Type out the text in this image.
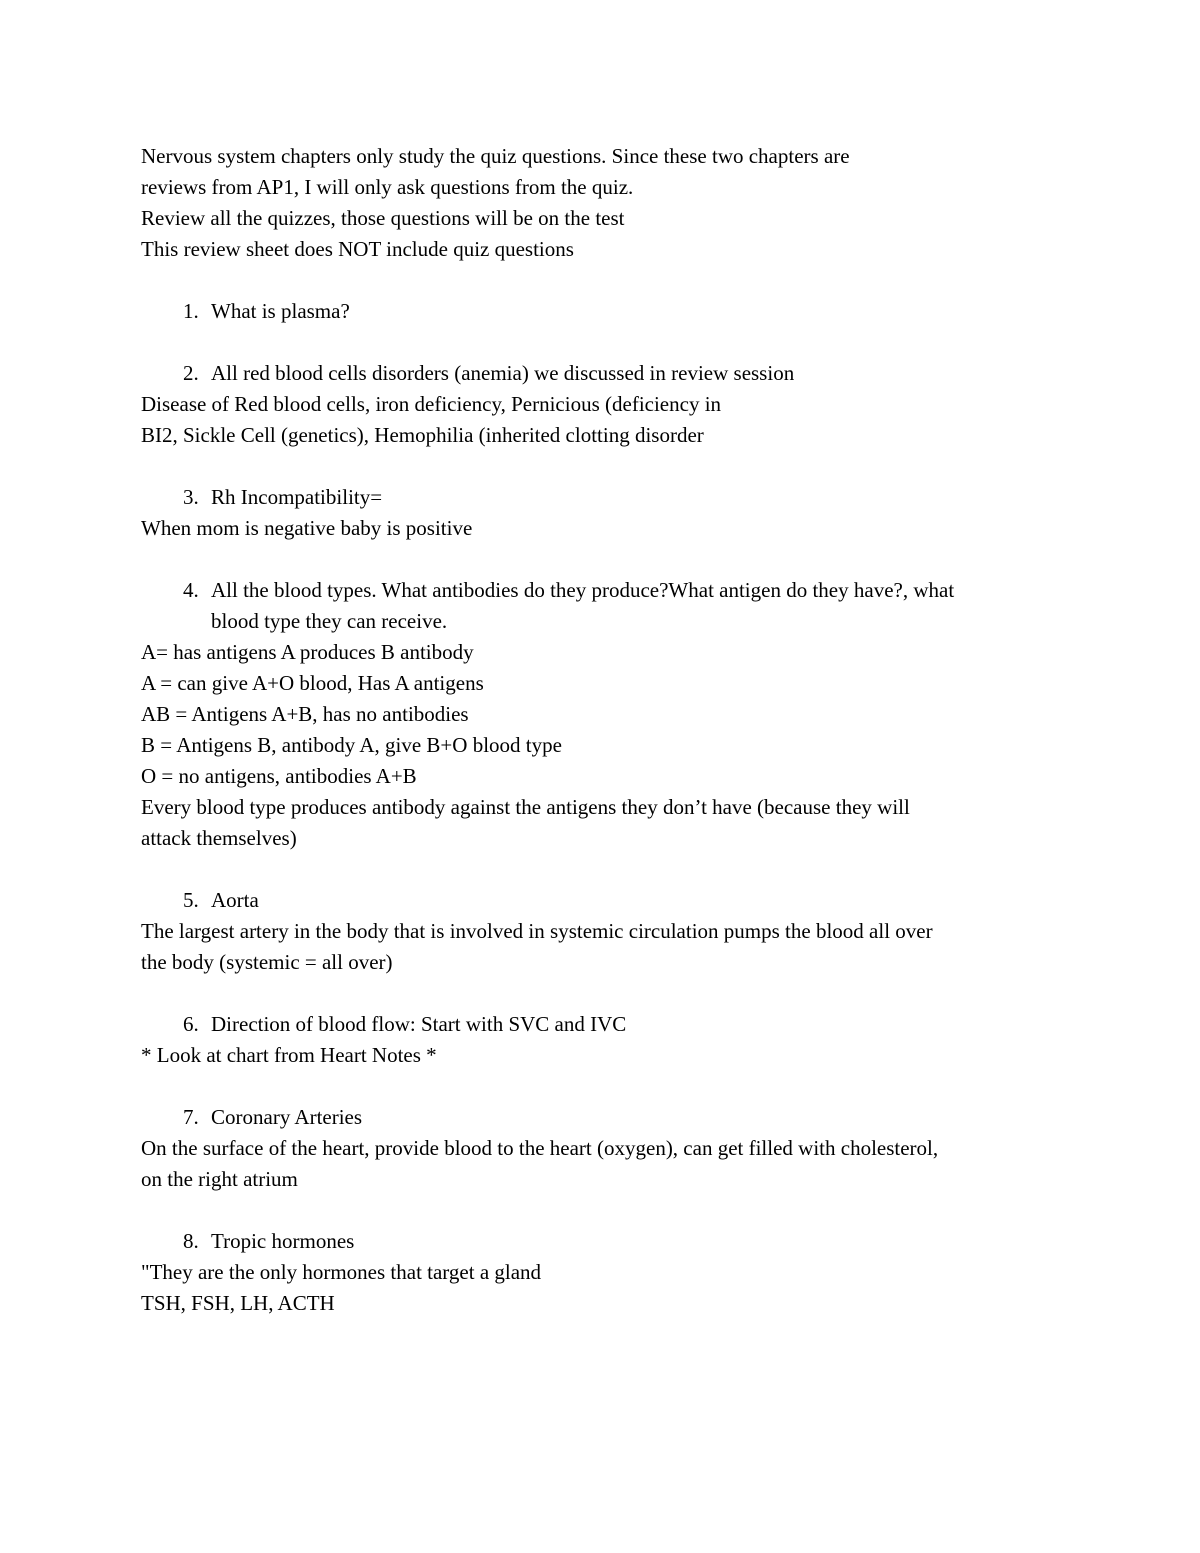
Nervous system chapters only study the quiz questions. Since these two chapters are
reviews from AP1, I will only ask questions from the quiz.
Review all the quizzes, those questions will be on the test
This review sheet does NOT include quiz questions
1. What is plasma?
2. All red blood cells disorders (anemia) we discussed in review session
Disease of Red blood cells, iron deficiency, Pernicious (deficiency in
BI2, Sickle Cell (genetics), Hemophilia (inherited clotting disorder
3. Rh Incompatibility=
When mom is negative baby is positive
4. All the blood types. What antibodies do they produce?What antigen do they have?, what
blood type they can receive.
A= has antigens A produces B antibody
A = can give A+O blood, Has A antigens
AB = Antigens A+B, has no antibodies
B = Antigens B, antibody A, give B+O blood type
O = no antigens, antibodies A+B
Every blood type produces antibody against the antigens they don’t have (because they will
attack themselves)
5. Aorta
The largest artery in the body that is involved in systemic circulation pumps the blood all over
the body (systemic = all over)
6. Direction of blood flow: Start with SVC and IVC
* Look at chart from Heart Notes *
7. Coronary Arteries
On the surface of the heart, provide blood to the heart (oxygen), can get filled with cholesterol,
on the right atrium
8. Tropic hormones
"They are the only hormones that target a gland
TSH, FSH, LH, ACTH
